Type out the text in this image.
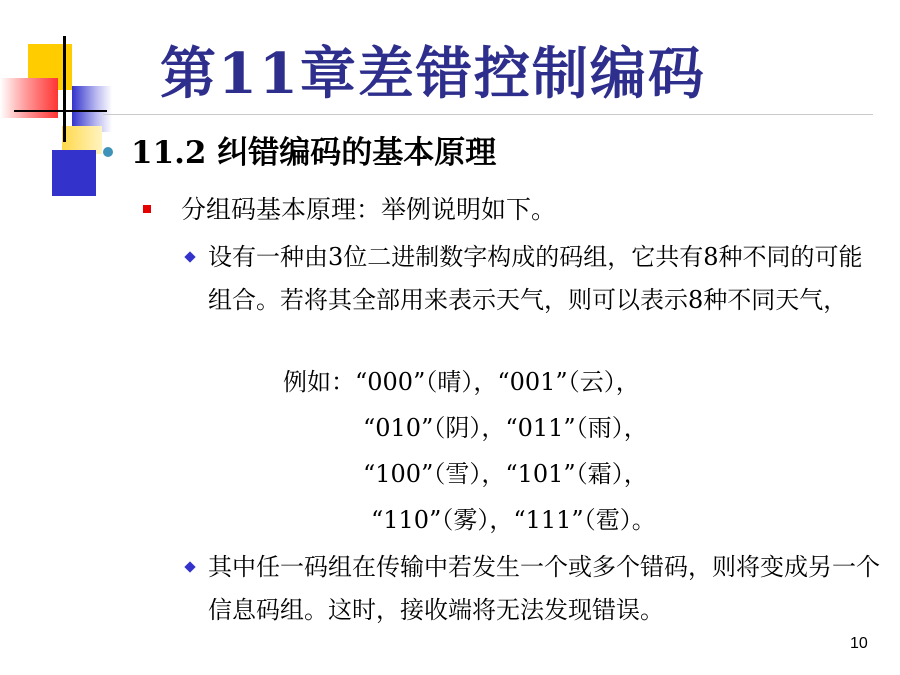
第11章差错控制编码
11.2 纠错编码的基本原理
分组码基本原理：举例说明如下。
设有一种由3位二进制数字构成的码组，它共有8种不同的可能组合。若将其全部用来表示天气，则可以表示8种不同天气，
例如：“000”（晴），“001”（云），
“010”（阴），“011”（雨），
“100”（雪），“101”（霜），
“110”（雾），“111”（雹）。
其中任一码组在传输中若发生一个或多个错码，则将变成另一个信息码组。这时，接收端将无法发现错误。
10
